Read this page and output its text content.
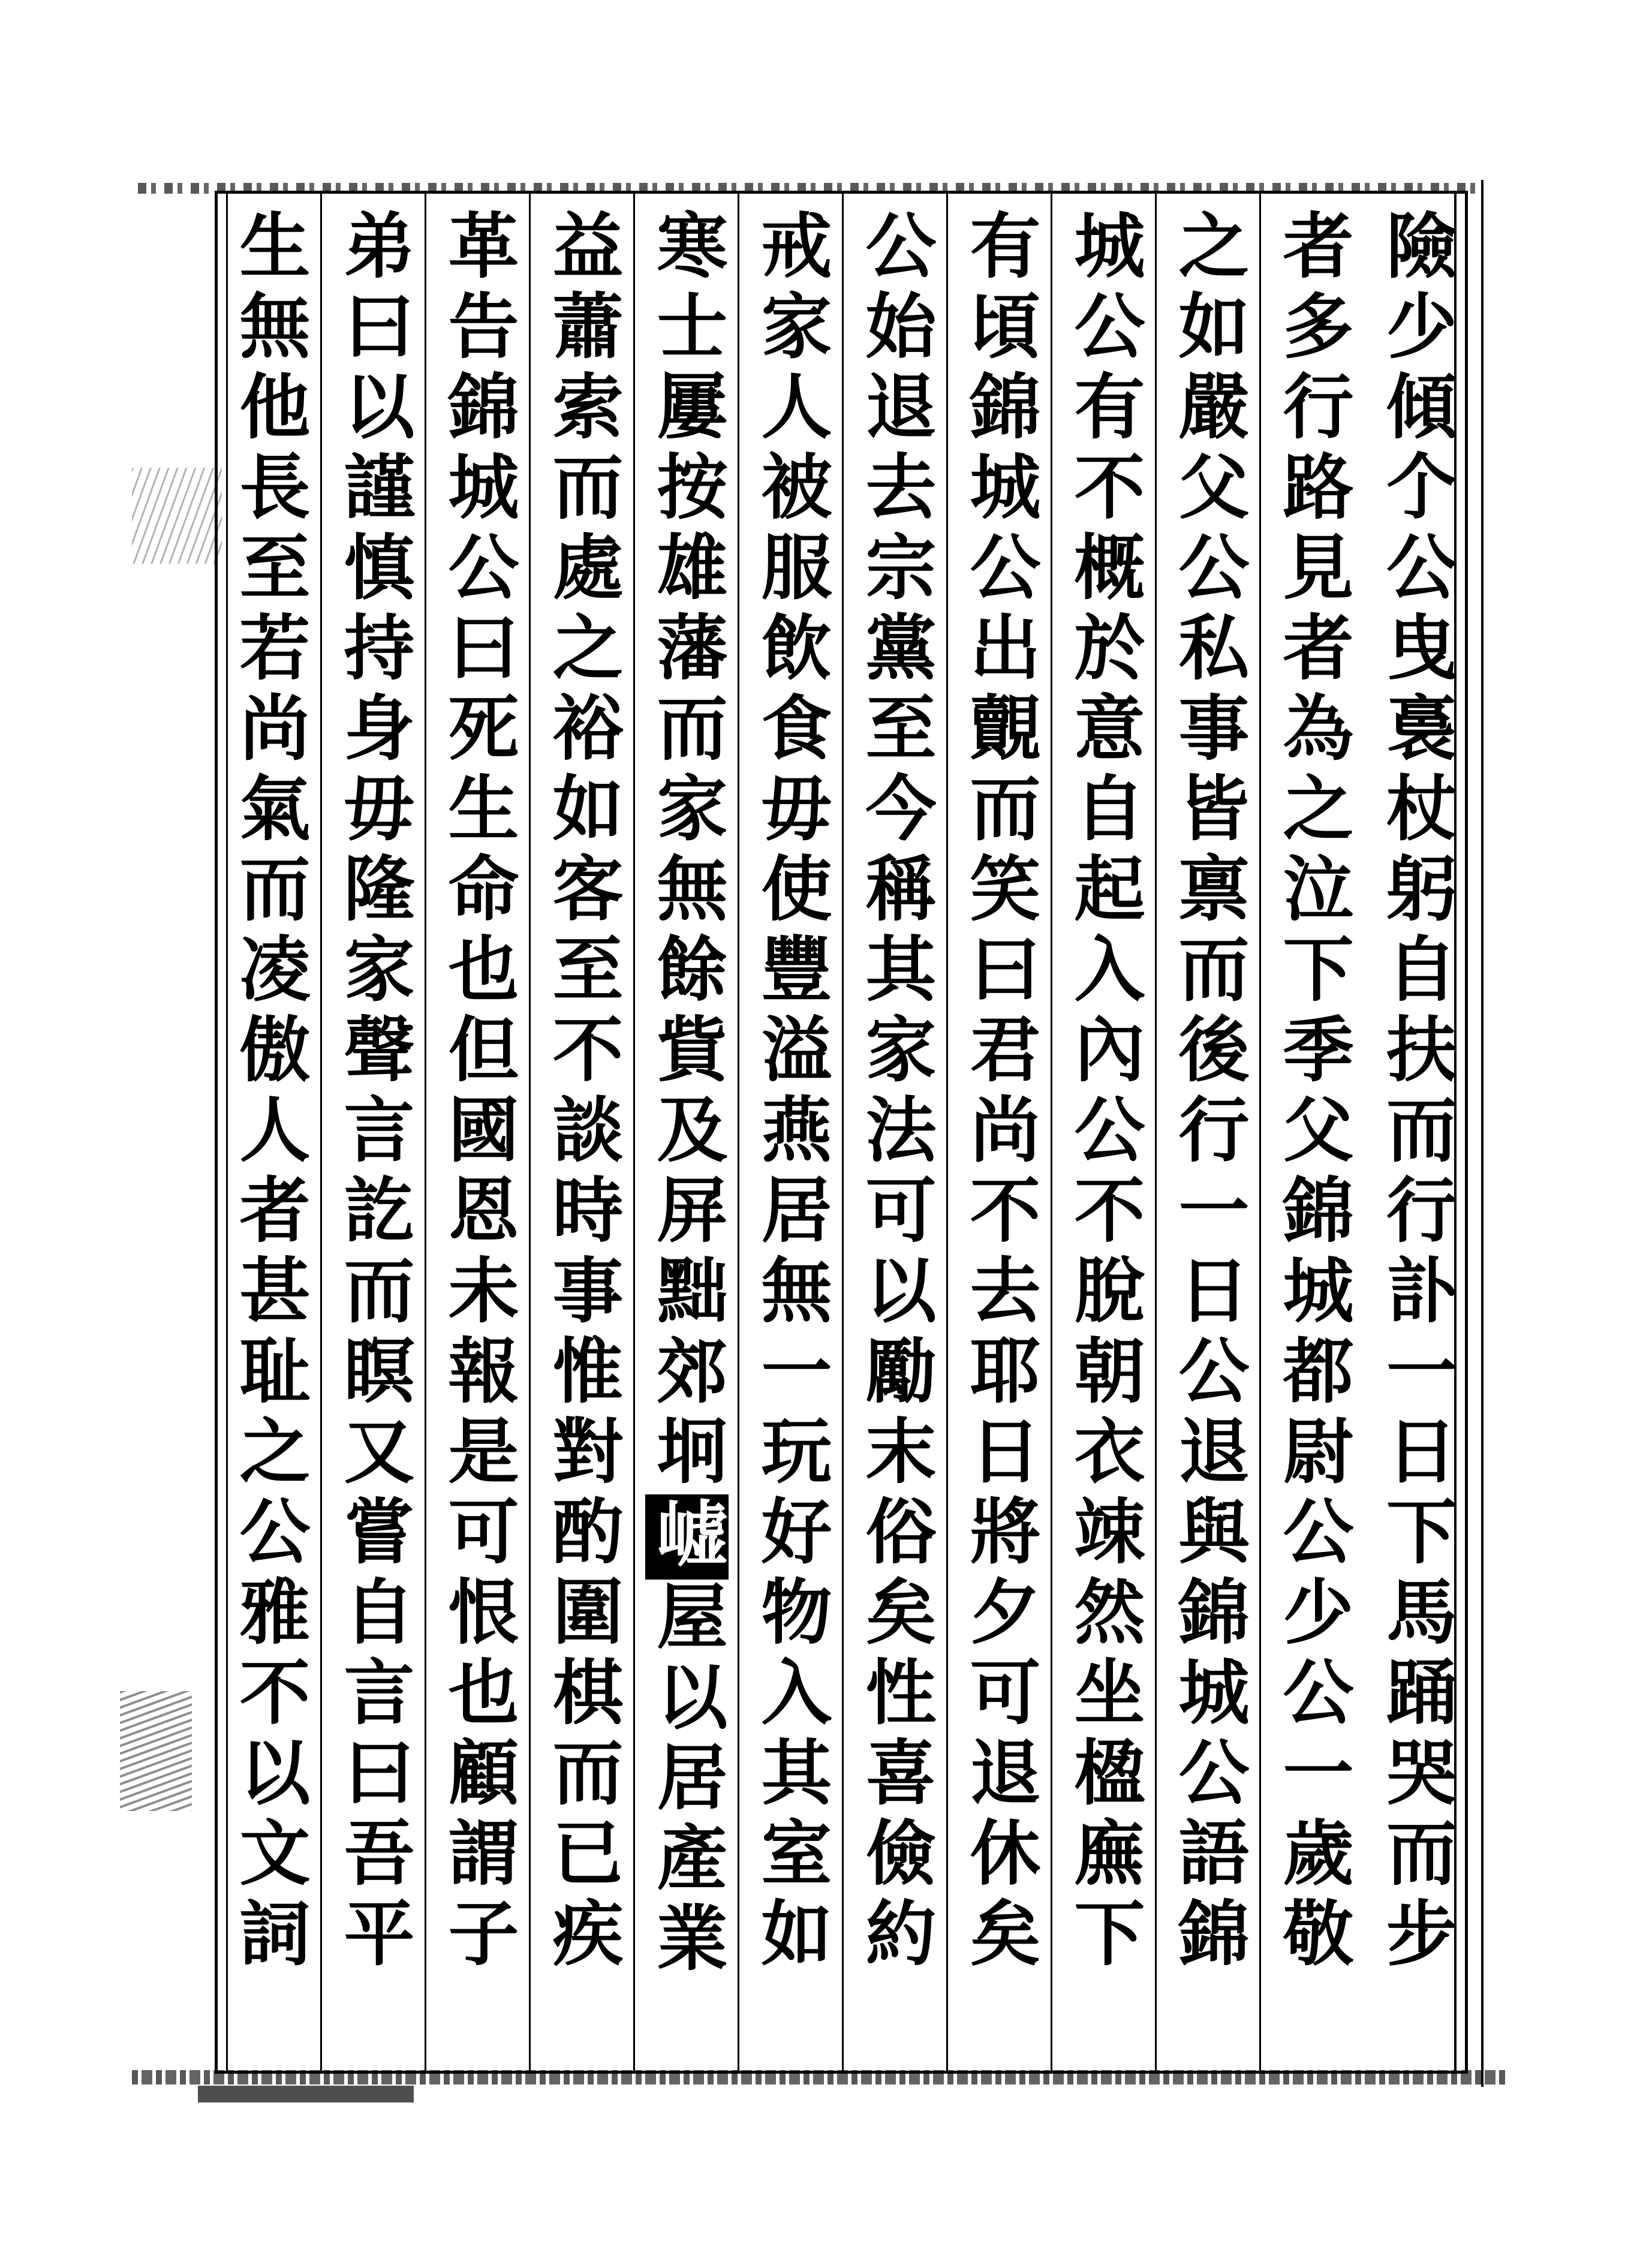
險少傾𠆤公曳裛杖躬自扶而行訃一日下馬踊哭而步
者多行路見者為之泣下季父錦城都尉公少公一歲敬
之如嚴父公私事皆禀而後行一日公退與錦城公語錦
城公有不概於意自起入內公不脫朝衣竦然坐楹廡下
有頃錦城公出覿而笑曰君尚不去耶日將夕可退休矣
公始退去宗黨至今稱其家法可以勵末俗矣性喜儉約
戒家人被服飲食毋使豐溢燕居無一玩好物入其室如
寒士屢按雄藩而家無餘貲及屏黜郊坰㠊屋以居產業
益蕭索而處之裕如客至不談時事惟對酌圍棋而已疾
革告錦城公曰死生命也但國恩未報是可恨也顧謂子
弟曰以謹慎持身毋隆家聲言訖而瞑又嘗自言曰吾平
生無他長至若尚氣而凌傲人者甚耻之公雅不以文詞
